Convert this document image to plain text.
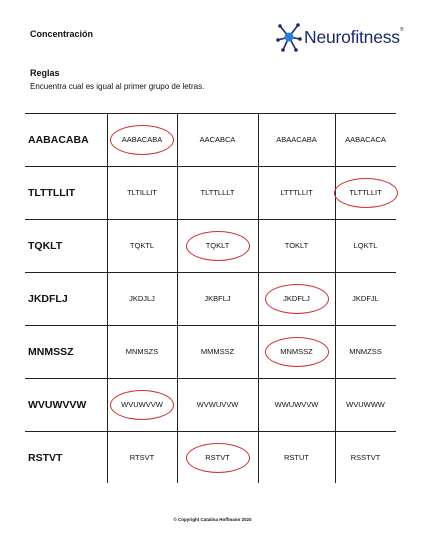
Concentración	Neurofitness®
Reglas
Encuentra cual es igual al primer grupo de letras.
AABACABA	AABACABA	AACABCA	ABAACABA	AABACACA
TLTTLLIT	TLTILLIT	TLTTLLLT	LTTTLLIT	TLTTLLIT
TQKLT	TQKTL	TQKLT	TOKLT	LQKTL
JKDFLJ	JKDJLJ	JKBFLJ	JKDFLJ	JKDFJL
MNMSSZ	MNMSZS	MMMSSZ	MNMSSZ	MNMZSS
WVUWVVW	WVUWVVW	WVWUVVW	WWUWVVW	WVUWWW
RSTVT	RTSVT	RSTVT	RSTUT	RSSTVT
© Copyright Catalina Hoffmann 2020
